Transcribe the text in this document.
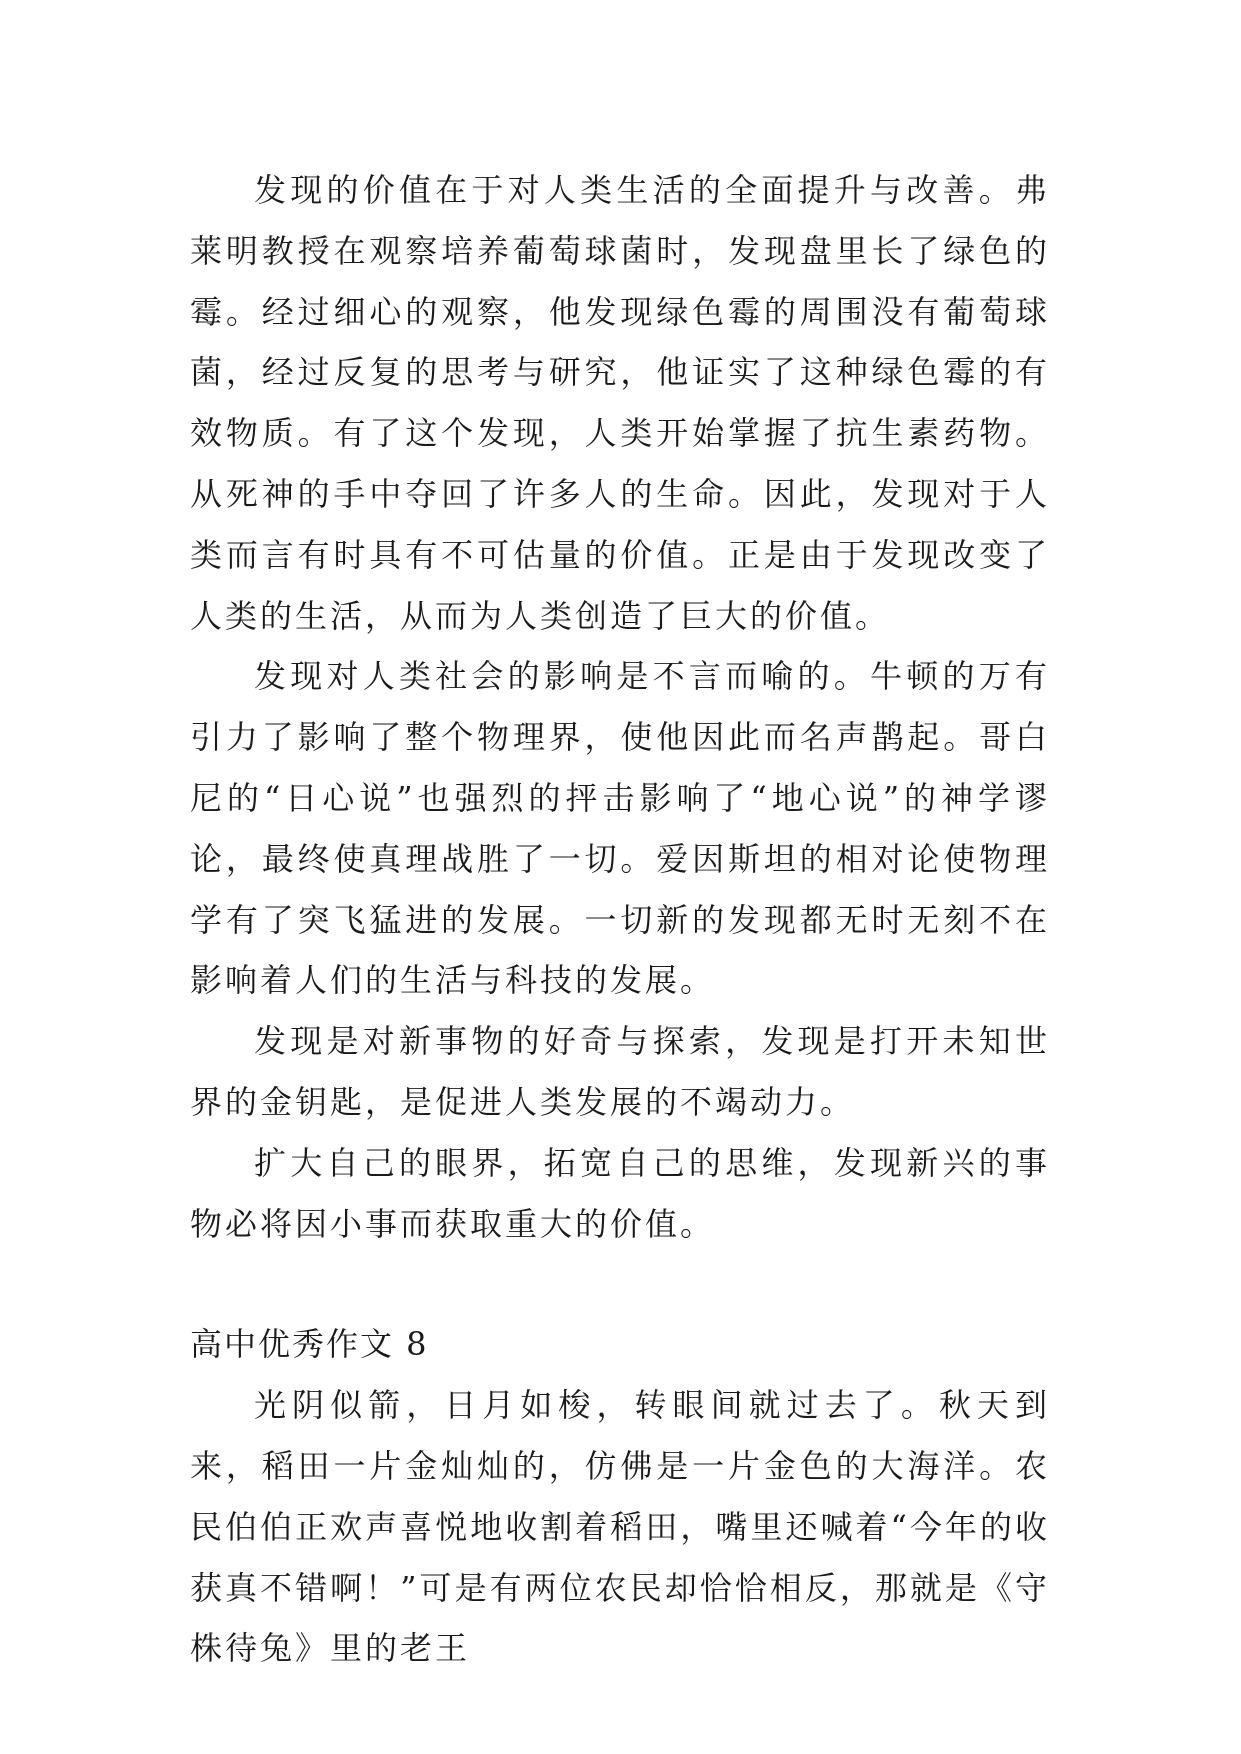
发现的价值在于对人类生活的全面提升与改善。弗莱明教授在观察培养葡萄球菌时，发现盘里长了绿色的霉。经过细心的观察，他发现绿色霉的周围没有葡萄球菌，经过反复的思考与研究，他证实了这种绿色霉的有效物质。有了这个发现，人类开始掌握了抗生素药物。从死神的手中夺回了许多人的生命。因此，发现对于人类而言有时具有不可估量的价值。正是由于发现改变了人类的生活，从而为人类创造了巨大的价值。

发现对人类社会的影响是不言而喻的。牛顿的万有引力了影响了整个物理界，使他因此而名声鹊起。哥白尼的“日心说”也强烈的抨击影响了“地心说”的神学谬论，最终使真理战胜了一切。爱因斯坦的相对论使物理学有了突飞猛进的发展。一切新的发现都无时无刻不在影响着人们的生活与科技的发展。

发现是对新事物的好奇与探索，发现是打开未知世界的金钥匙，是促进人类发展的不竭动力。

扩大自己的眼界，拓宽自己的思维，发现新兴的事物必将因小事而获取重大的价值。

高中优秀作文 8

光阴似箭，日月如梭，转眼间就过去了。秋天到来，稻田一片金灿灿的，仿佛是一片金色的大海洋。农民伯伯正欢声喜悦地收割着稻田，嘴里还喊着“今年的收获真不错啊！”可是有两位农民却恰恰相反，那就是《守株待兔》里的老王
